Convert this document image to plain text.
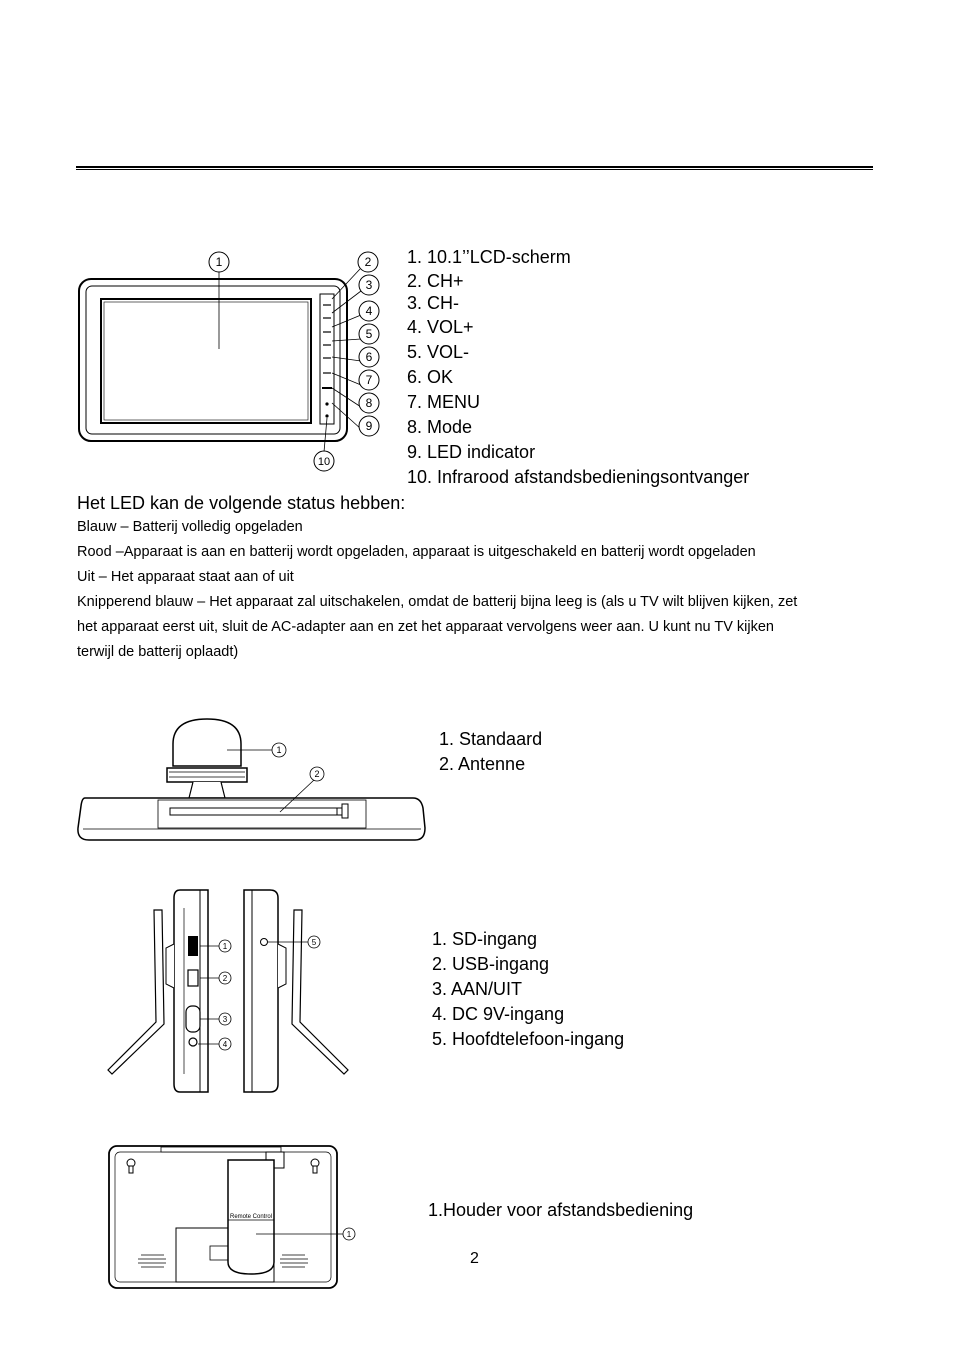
1	2
3
4
5
6
7
8
9
10
1. 10.1’’LCD-scherm
2. CH+
3. CH-
4. VOL+
5. VOL-
6. OK
7. MENU
8. Mode
9. LED indicator
10. Infrarood afstandsbedieningsontvanger
Het LED kan de volgende status hebben:
Blauw – Batterij volledig opgeladen
Rood –Apparaat is aan en batterij wordt opgeladen, apparaat is uitgeschakeld en batterij wordt opgeladen
Uit – Het apparaat staat aan of uit
Knipperend blauw – Het apparaat zal uitschakelen, omdat de batterij bijna leeg is (als u TV wilt blijven kijken, zet
het apparaat eerst uit, sluit de AC-adapter aan en zet het apparaat vervolgens weer aan. U kunt nu TV kijken
terwijl de batterij oplaadt)
1
2
1. Standaard
2. Antenne
1
2
3
4
5	1. SD-ingang
2. USB-ingang
3. AAN/UIT
4. DC 9V-ingang
5. Hoofdtelefoon-ingang
Remote Control
1
1.Houder voor afstandsbediening
2
